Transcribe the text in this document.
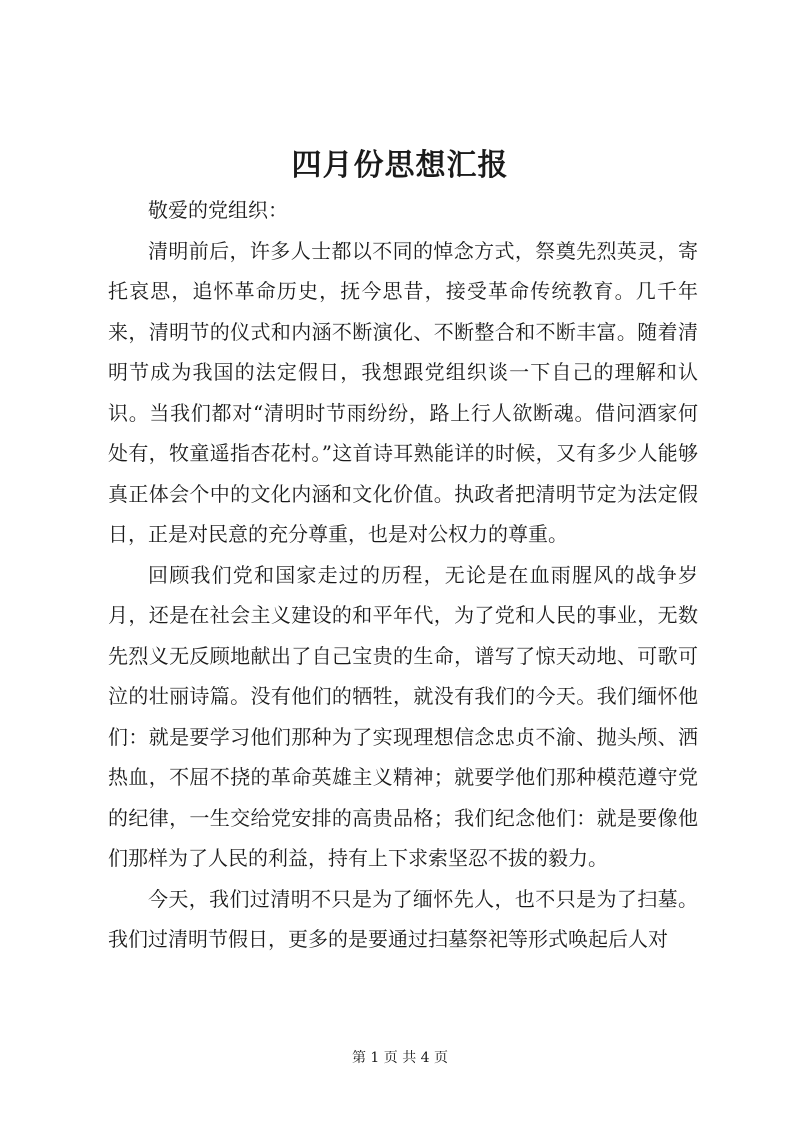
四月份思想汇报

敬爱的党组织：

清明前后，许多人士都以不同的悼念方式，祭奠先烈英灵，寄托哀思，追怀革命历史，抚今思昔，接受革命传统教育。几千年来，清明节的仪式和内涵不断演化、不断整合和不断丰富。随着清明节成为我国的法定假日，我想跟党组织谈一下自己的理解和认识。当我们都对“清明时节雨纷纷，路上行人欲断魂。借问酒家何处有，牧童遥指杏花村。”这首诗耳熟能详的时候，又有多少人能够真正体会个中的文化内涵和文化价值。执政者把清明节定为法定假日，正是对民意的充分尊重，也是对公权力的尊重。

回顾我们党和国家走过的历程，无论是在血雨腥风的战争岁月，还是在社会主义建设的和平年代，为了党和人民的事业，无数先烈义无反顾地献出了自己宝贵的生命，谱写了惊天动地、可歌可泣的壮丽诗篇。没有他们的牺牲，就没有我们的今天。我们缅怀他们：就是要学习他们那种为了实现理想信念忠贞不渝、抛头颅、洒热血，不屈不挠的革命英雄主义精神；就要学他们那种模范遵守党的纪律，一生交给党安排的高贵品格；我们纪念他们：就是要像他们那样为了人民的利益，持有上下求索坚忍不拔的毅力。

今天，我们过清明不只是为了缅怀先人，也不只是为了扫墓。我们过清明节假日，更多的是要通过扫墓祭祀等形式唤起后人对

第 1 页 共 4 页
